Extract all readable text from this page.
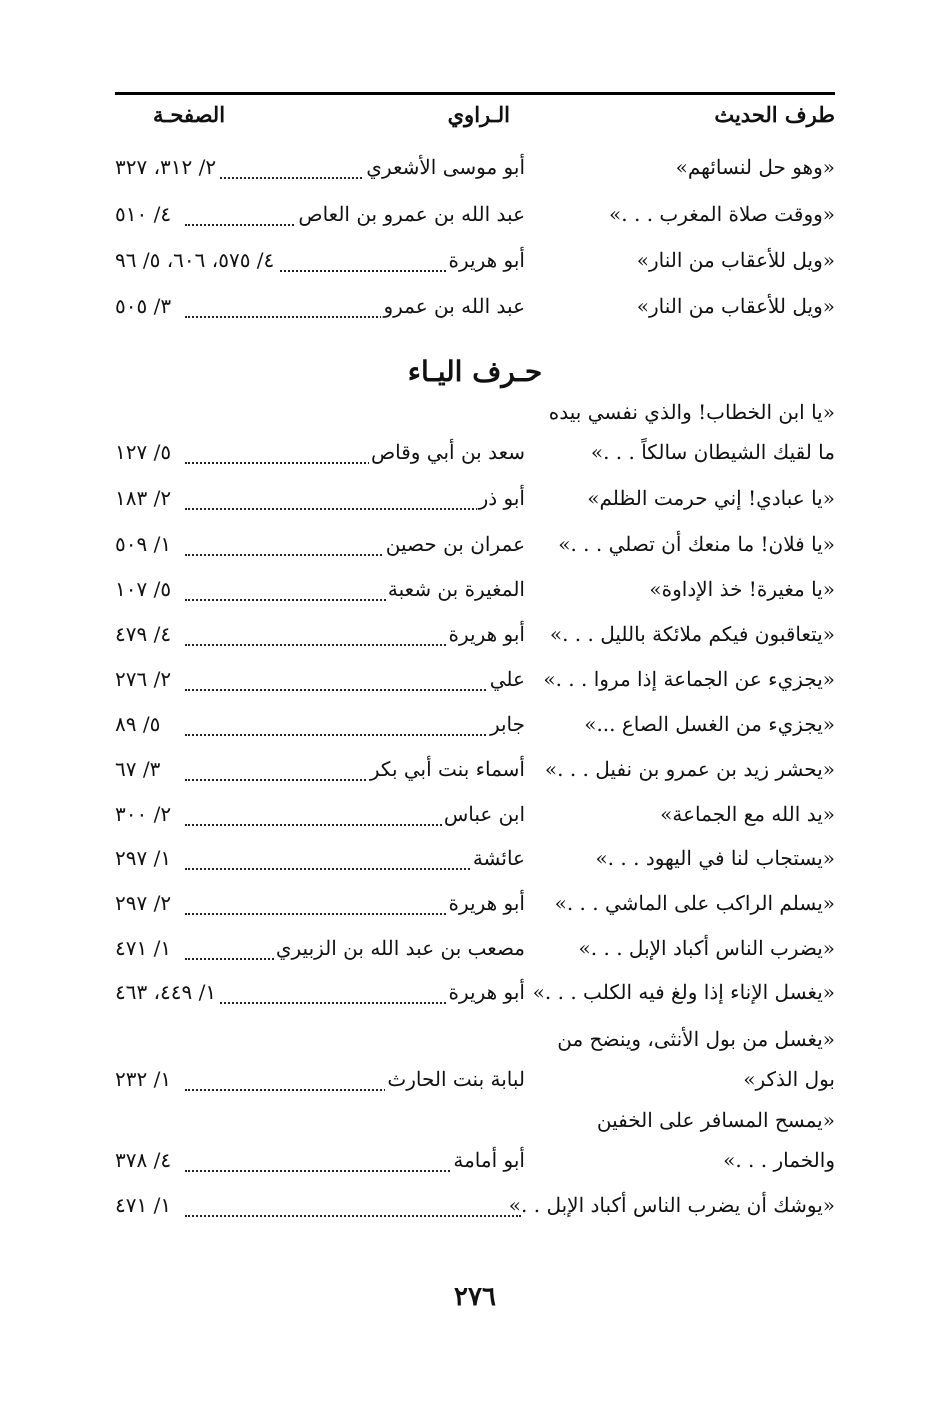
طرف الحديث
الـراوي
الصفحـة
«وهو حل لنسائهم»
أبو موسى الأشعري
٢/ ٣١٢، ٣٢٧
«ووقت صلاة المغرب . . .»
عبد الله بن عمرو بن العاص
٤/ ٥١٠
«ويل للأعقاب من النار»
أبو هريرة
٤/ ٥٧٥، ٦٠٦، ٥/ ٩٦
«ويل للأعقاب من النار»
عبد الله بن عمرو
٣/ ٥٠٥
حـرف اليـاء
«يا ابن الخطاب! والذي نفسي بيده
ما لقيك الشيطان سالكاً . . .»
سعد بن أبي وقاص
٥/ ١٢٧
«يا عبادي! إني حرمت الظلم»
أبو ذر
٢/ ١٨٣
«يا فلان! ما منعك أن تصلي . . .»
عمران بن حصين
١/ ٥٠٩
«يا مغيرة! خذ الإداوة»
المغيرة بن شعبة
٥/ ١٠٧
«يتعاقبون فيكم ملائكة بالليل . . .»
أبو هريرة
٤/ ٤٧٩
«يجزيء عن الجماعة إذا مروا . . .»
علي
٢/ ٢٧٦
«يجزيء من الغسل الصاع ...»
جابر
٥/ ٨٩
«يحشر زيد بن عمرو بن نفيل . . .»
أسماء بنت أبي بكر
٣/ ٦٧
«يد الله مع الجماعة»
ابن عباس
٢/ ٣٠٠
«يستجاب لنا في اليهود . . .»
عائشة
١/ ٢٩٧
«يسلم الراكب على الماشي . . .»
أبو هريرة
٢/ ٢٩٧
«يضرب الناس أكباد الإبل . . .»
مصعب بن عبد الله بن الزبيري
١/ ٤٧١
«يغسل الإناء إذا ولغ فيه الكلب . . .»
أبو هريرة
١/ ٤٤٩، ٤٦٣
«يغسل من بول الأنثى، وينضح من
بول الذكر»
لبابة بنت الحارث
١/ ٢٣٢
«يمسح المسافر على الخفين
والخمار . . .»
أبو أمامة
٤/ ٣٧٨
«يوشك أن يضرب الناس أكباد الإبل . .»
١/ ٤٧١
٢٧٦
